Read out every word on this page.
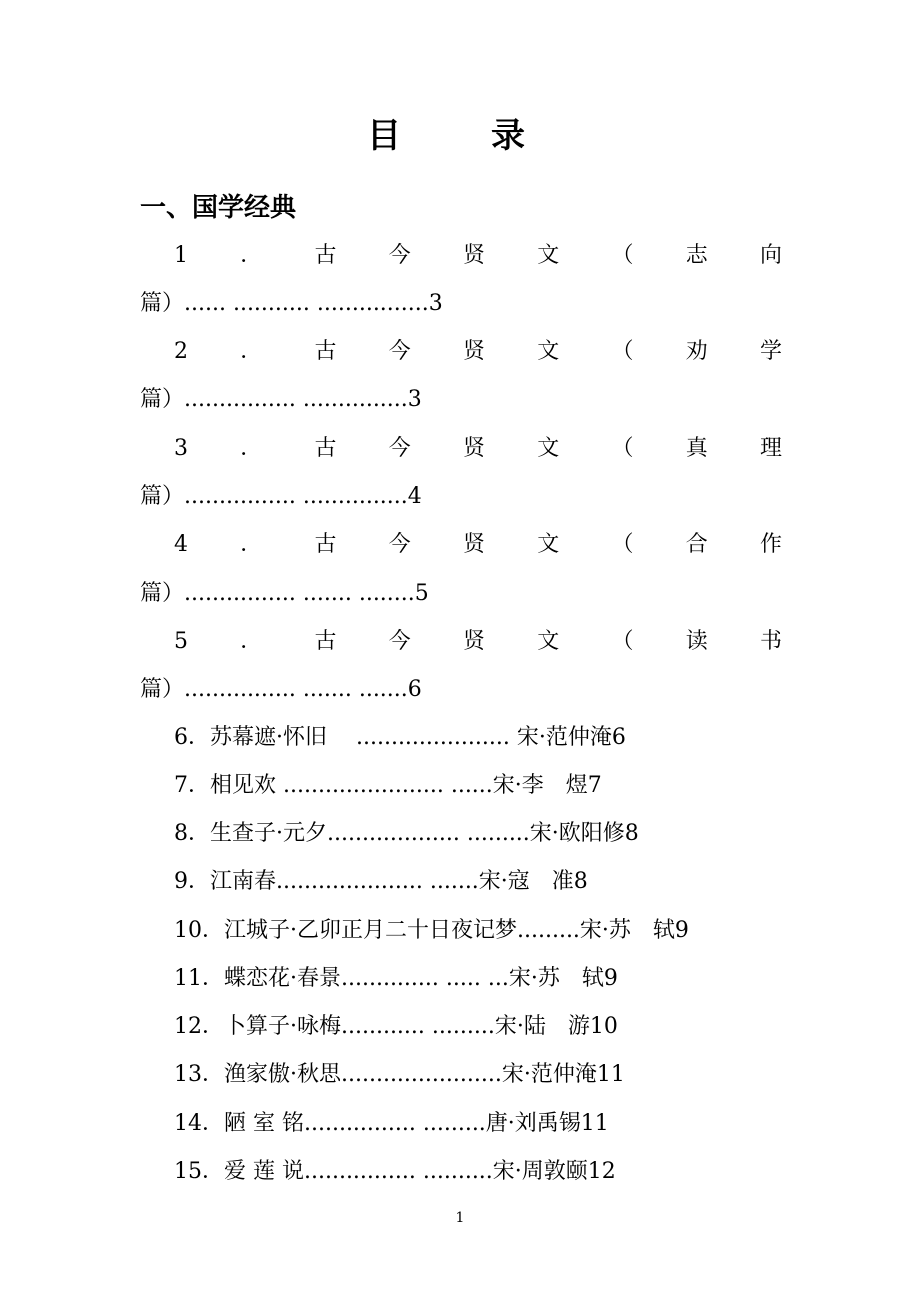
目　录
一、国学经典
1 ． 古 今 贤 文 （ 志 向
篇）...... ........... ................3
2 ． 古 今 贤 文 （ 劝 学
篇）................ ...............3
3 ． 古 今 贤 文 （ 真 理
篇）................ ...............4
4 ． 古 今 贤 文 （ 合 作
篇）................ ....... ........5
5 ． 古 今 贤 文 （ 读 书
篇）................ ....... .......6
6．苏幕遮·怀旧　 ...................... 宋·范仲淹6
7．相见欢 ....................... ......宋·李　煜7
8．生查子·元夕................... .........宋·欧阳修8
9．江南春..................... .......宋·寇　准8
10．江城子·乙卯正月二十日夜记梦.........宋·苏　轼9
11．蝶恋花·春景.............. ..... ...宋·苏　轼9
12．卜算子·咏梅............ .........宋·陆　游10
13．渔家傲·秋思.......................宋·范仲淹11
14．陋 室 铭................ .........唐·刘禹锡11
15．爱 莲 说................ ..........宋·周敦颐12
1
